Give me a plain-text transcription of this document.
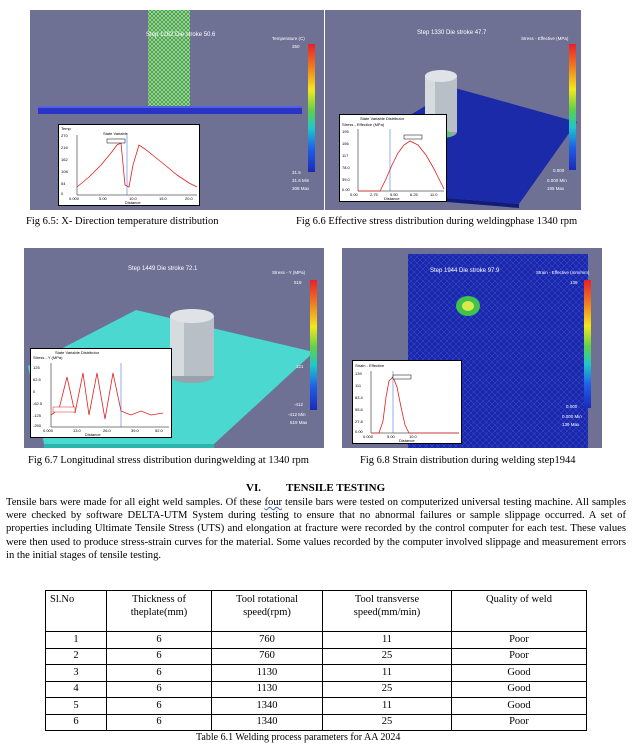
Step 1262 Die stroke 50.6
Temperature (C)
350
31.5
31.6 Min
308 Max
Temp
State Variable
270
216
162
108
54
0
0.000	5.00	10.0	15.0	20.0
Distance
Fig 6.5: X- Direction temperature distribution
Step 1330 Die stroke 47.7
Stress - Effective (MPa)
0.000
0.000 Min
195 Max
State Variable Distributor
Stress - Effective (MPa)
195
156
117
78.0
39.0
0.00
0.00	2.75	5.50	8.25	11.0
Distance
Fig 6.6 Effective stress distribution during weldingphase 1340 rpm
Step 1449 Die stroke 72.1
Stress - Y (MPa)
519
121
-412
-412 Min
519 Max
State Variable Distributor
Stress - Y (MPa)
125
62.5
0
-62.5
-125
-250
0.000	13.0	26.0	39.0	52.0
Distance
Fig 6.7 Longitudinal stress distribution duringwelding at 1340 rpm
Step 1944 Die stroke 97.9	Strain - Effective (mm/mm)
139
0.000
0.000 Min
139 Max
Strain - Effective
139
111
83.4
55.6
27.8
0.00
0.000	5.00	10.0
Distance
Fig 6.8 Strain distribution during welding step1944
VI. TENSILE TESTING
Tensile bars were made for all eight weld samples. Of these four tensile bars were tested on computerized universal testing machine. All samples were checked by software DELTA-UTM System during testing to ensure that no abnormal failures or sample slippage occurred. A set of properties including Ultimate Tensile Stress (UTS) and elongation at fracture were recorded by the control computer for each test. These values were then used to produce stress-strain curves for the material. Some values recorded by the computer involved slippage and measurement errors in the initial stages of tensile testing.
Sl.No	Thickness of theplate(mm)	Tool rotational speed(rpm)	Tool transverse speed(mm/min)	Quality of weld
1	6	760	11	Poor
2	6	760	25	Poor
3	6	1130	11	Good
4	6	1130	25	Good
5	6	1340	11	Good
6	6	1340	25	Poor
Table 6.1 Welding process parameters for AA 2024
